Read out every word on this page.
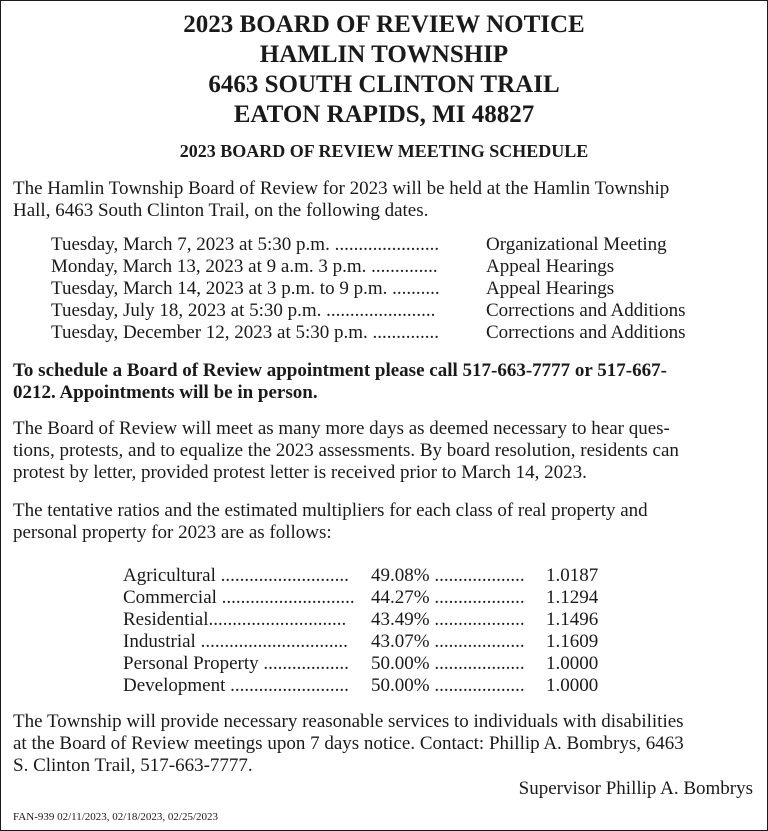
2023 BOARD OF REVIEW NOTICE
HAMLIN TOWNSHIP
6463 SOUTH CLINTON TRAIL
EATON RAPIDS, MI 48827
2023 BOARD OF REVIEW MEETING SCHEDULE
The Hamlin Township Board of Review for 2023 will be held at the Hamlin Township
Hall, 6463 South Clinton Trail, on the following dates.
Tuesday, March 7, 2023 at 5:30 p.m. ...................... Organizational Meeting
Monday, March 13, 2023 at 9 a.m. 3 p.m. ..............	Appeal Hearings
Tuesday, March 14, 2023 at 3 p.m. to 9 p.m. .......... Appeal Hearings
Tuesday, July 18, 2023 at 5:30 p.m. .......................	Corrections and Additions
Tuesday, December 12, 2023 at 5:30 p.m. .............. Corrections and Additions
To schedule a Board of Review appointment please call 517-663-7777 or 517-667-
0212. Appointments will be in person.
The Board of Review will meet as many more days as deemed necessary to hear ques-
tions, protests, and to equalize the 2023 assessments. By board resolution, residents can
protest by letter, provided protest letter is received prior to March 14, 2023.
The tentative ratios and the estimated multipliers for each class of real property and
personal property for 2023 are as follows:
Agricultural ........................... 49.08% ................... 1.0187
Commercial ............................ 44.27% ................... 1.1294
Residential............................. 43.49% ................... 1.1496
Industrial ............................... 43.07% ................... 1.1609
Personal Property .................. 50.00% ................... 1.0000
Development ......................... 50.00% ................... 1.0000
The Township will provide necessary reasonable services to individuals with disabilities
at the Board of Review meetings upon 7 days notice. Contact: Phillip A. Bombrys, 6463
S. Clinton Trail, 517-663-7777.
Supervisor Phillip A. Bombrys
FAN-939 02/11/2023, 02/18/2023, 02/25/2023
